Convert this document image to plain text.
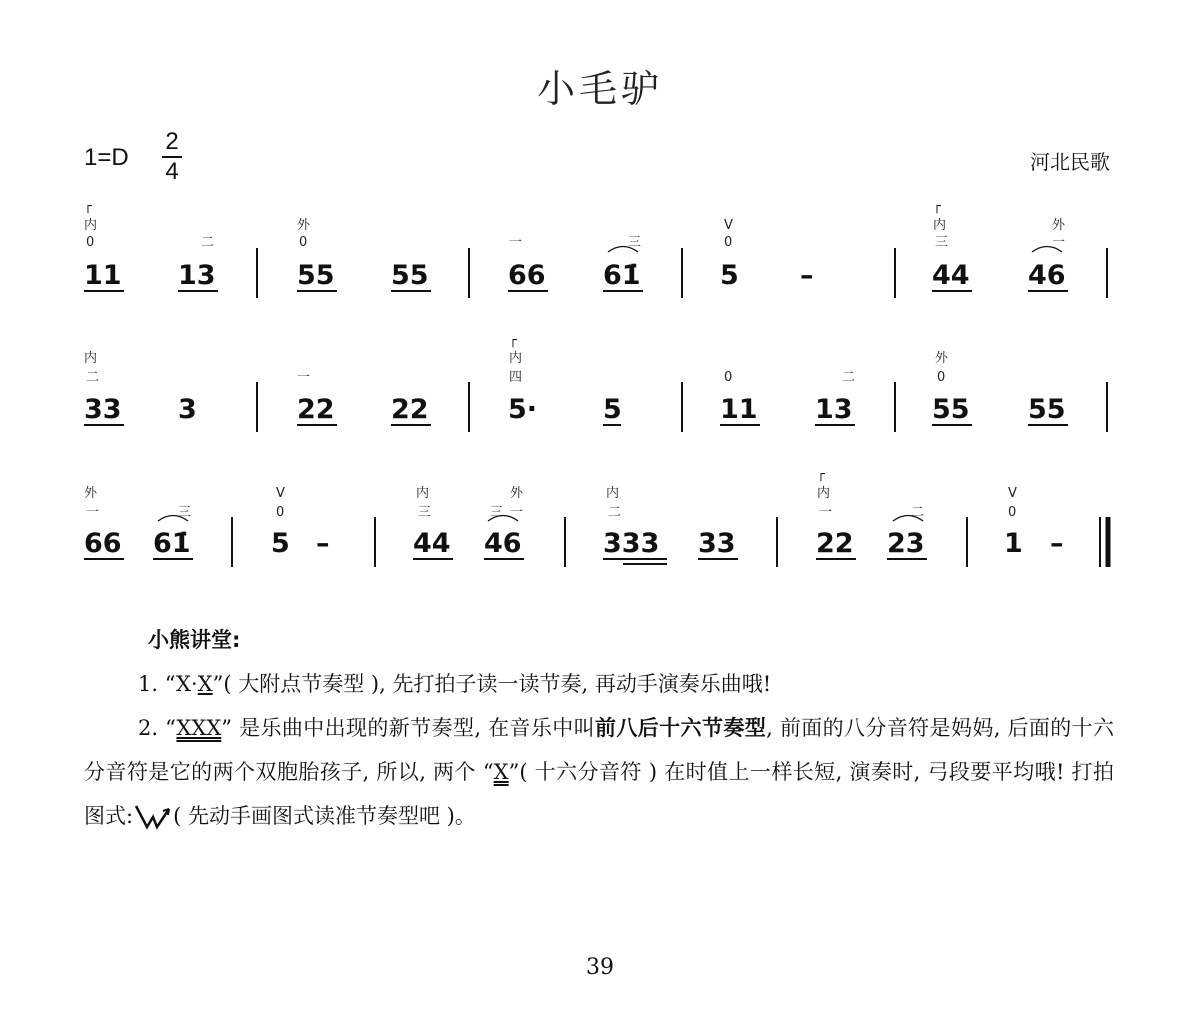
小毛驴
1=D
2
4	河北民歌
┌
内
0	二
外
0	一	三
V
0
┌
内
三
外
一
11 13	55 55	66 61̇	5 –	44 46
内
二	一
┌
内
四	0	二
外
0
33 3	22 22	5· 5	11 13	55 55
外
一	三
V
0
内
三
外
三 一
内
二
┌
内
一	二
V
0
66 61̇	5 –	44 46	333 33	22 23	1 –
小熊讲堂:

1. “X·X”( 大附点节奏型 ), 先打拍子读一读节奏, 再动手演奏乐曲哦!

2. “XXX” 是乐曲中出现的新节奏型, 在音乐中叫前八后十六节奏型, 前面的八分音符是妈妈, 后面的十六分音符是它的两个双胞胎孩子, 所以, 两个 “X”( 十六分音符 ) 在时值上一样长短, 演奏时, 弓段要平均哦! 打拍图式: ( 先动手画图式读准节奏型吧 )。

39
